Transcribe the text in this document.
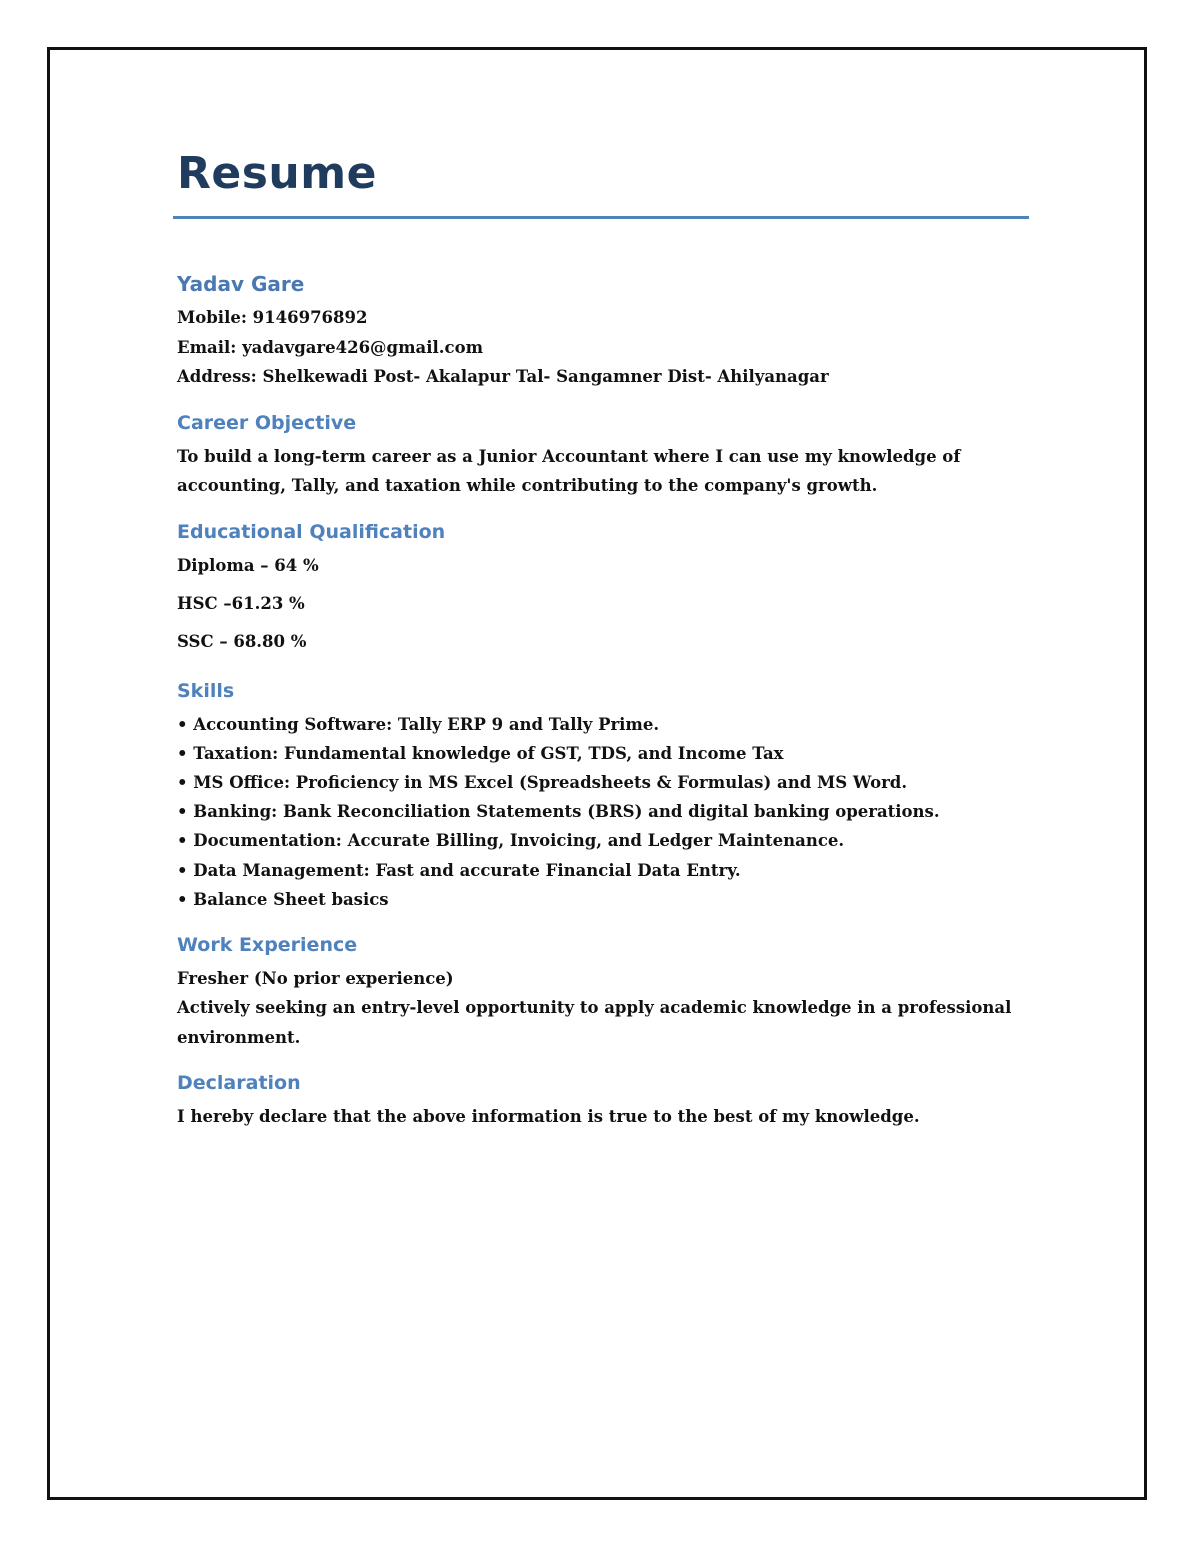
Resume
Yadav Gare

Mobile: 9146976892

Email: yadavgare426@gmail.com

Address: Shelkewadi Post- Akalapur Tal- Sangamner Dist- Ahilyanagar

Career Objective

To build a long-term career as a Junior Accountant where I can use my knowledge of accounting, Tally, and taxation while contributing to the company's growth.

Educational Qualification

Diploma – 64 %

HSC –61.23 %

SSC – 68.80 %

Skills

• Accounting Software: Tally ERP 9 and Tally Prime.

• Taxation: Fundamental knowledge of GST, TDS, and Income Tax

• MS Office: Proficiency in MS Excel (Spreadsheets & Formulas) and MS Word.

• Banking: Bank Reconciliation Statements (BRS) and digital banking operations.

• Documentation: Accurate Billing, Invoicing, and Ledger Maintenance.

• Data Management: Fast and accurate Financial Data Entry.

• Balance Sheet basics

Work Experience

Fresher (No prior experience)

Actively seeking an entry-level opportunity to apply academic knowledge in a professional environment.

Declaration

I hereby declare that the above information is true to the best of my knowledge.
